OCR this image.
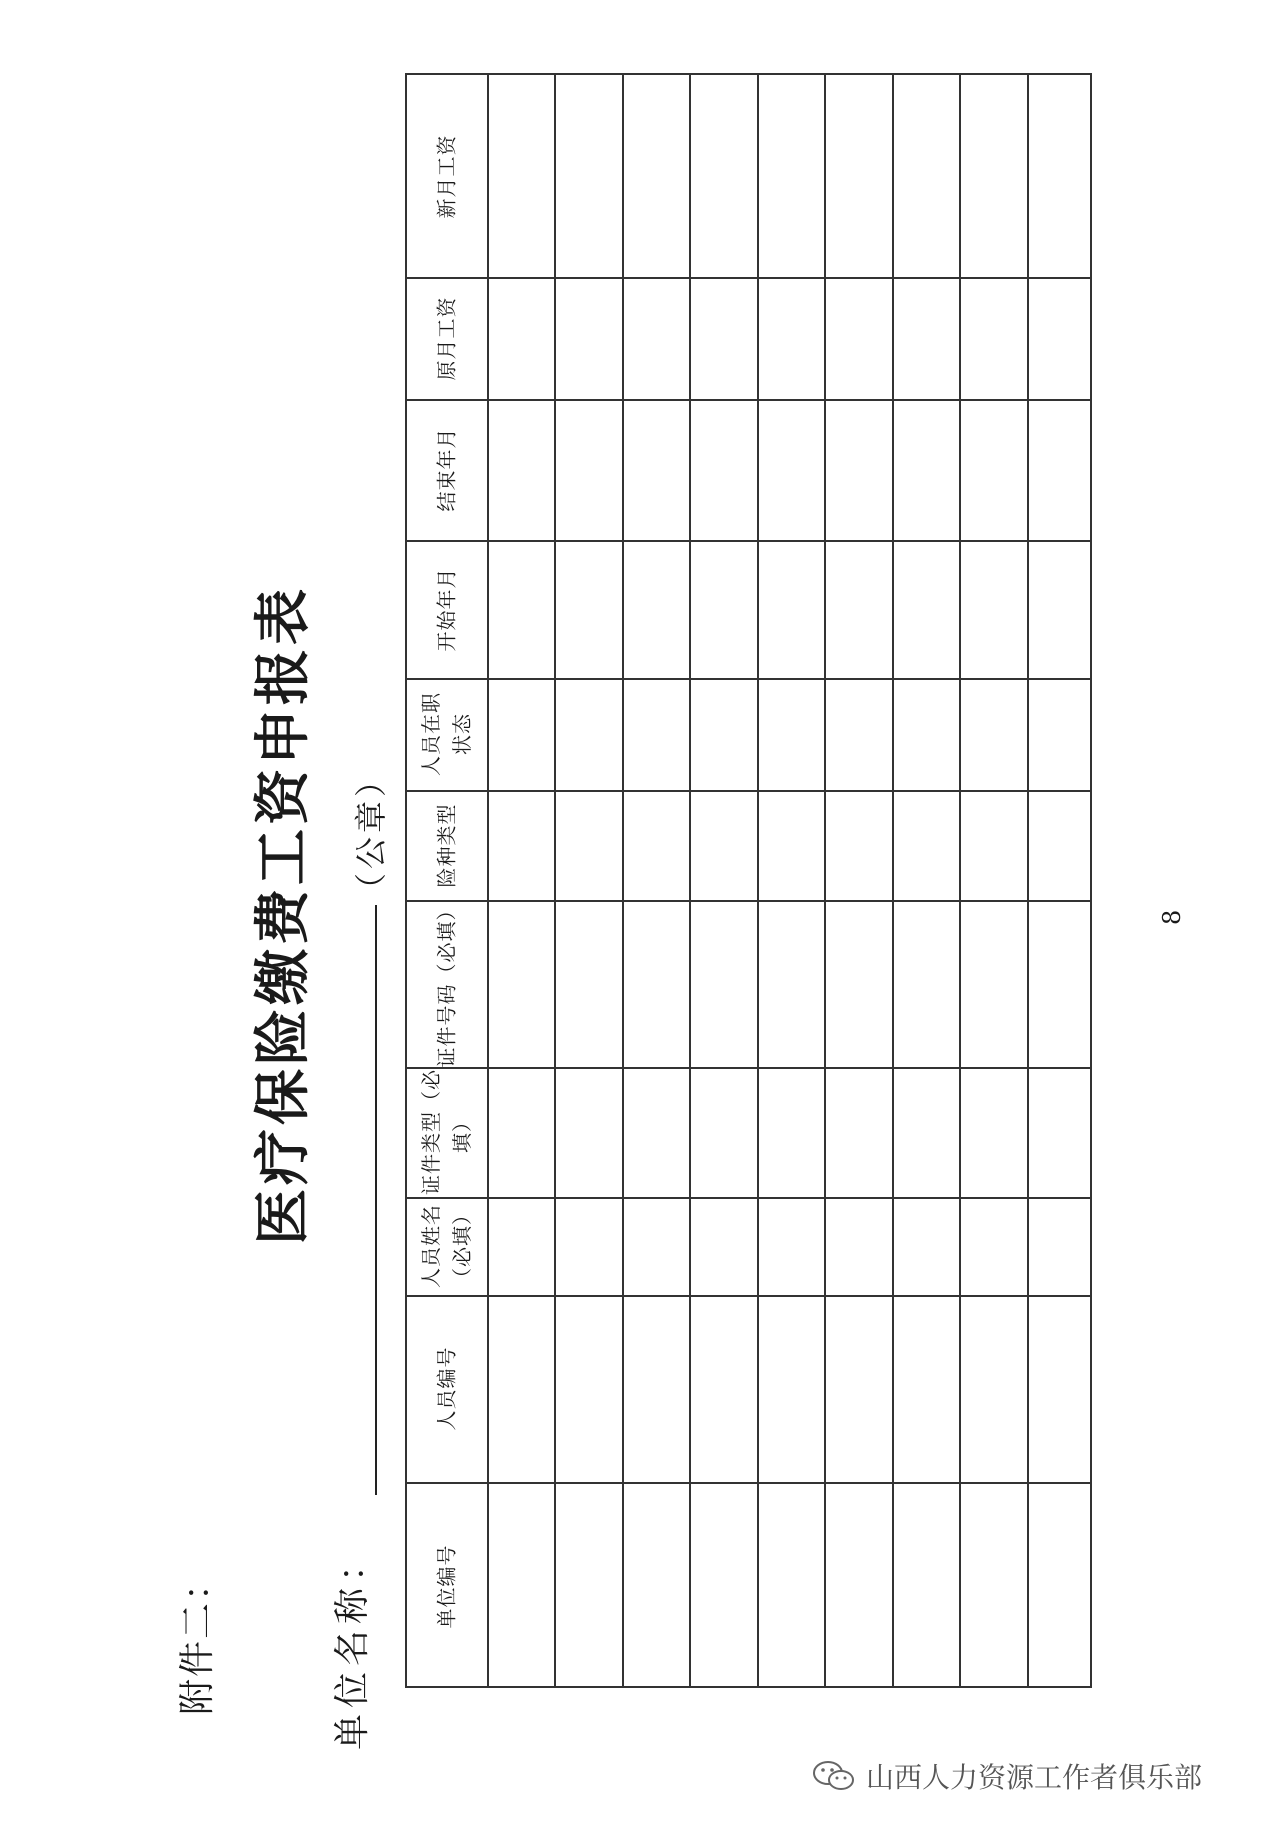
附件二：
医疗保险缴费工资申报表
单位名称：
（公章）
8
单位编号
人员编号
人员姓名 （必填）
证件类型（必 填）
证件号码（必填）
险种类型
人员在职 状态
开始年月
结束年月
原月工资
新月工资
山西人力资源工作者俱乐部
